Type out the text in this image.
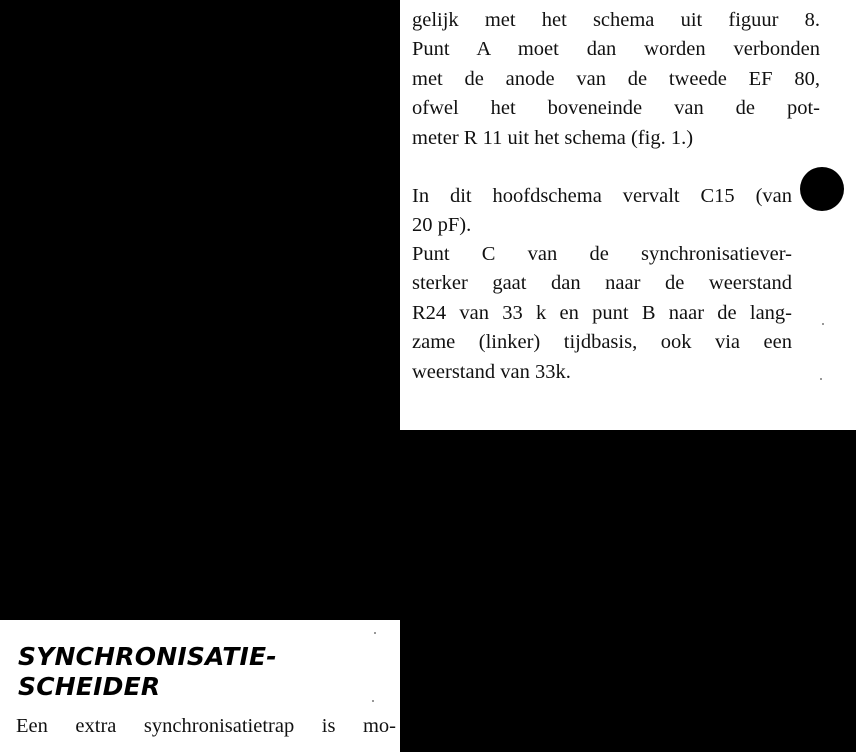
gelijk met het schema uit figuur 8.
Punt A moet dan worden verbonden
met de anode van de tweede EF 80,
ofwel het boveneinde van de pot-
meter R 11 uit het schema (fig. 1.)

In dit hoofdschema vervalt C15 (van
20 pF).

Punt C van de synchronisatiever-
sterker gaat dan naar de weerstand
R24 van 33 k en punt B naar de lang-
zame (linker) tijdbasis, ook via een
weerstand van 33k.

SYNCHRONISATIE-
SCHEIDER

Een extra synchronisatietrap is mo-
